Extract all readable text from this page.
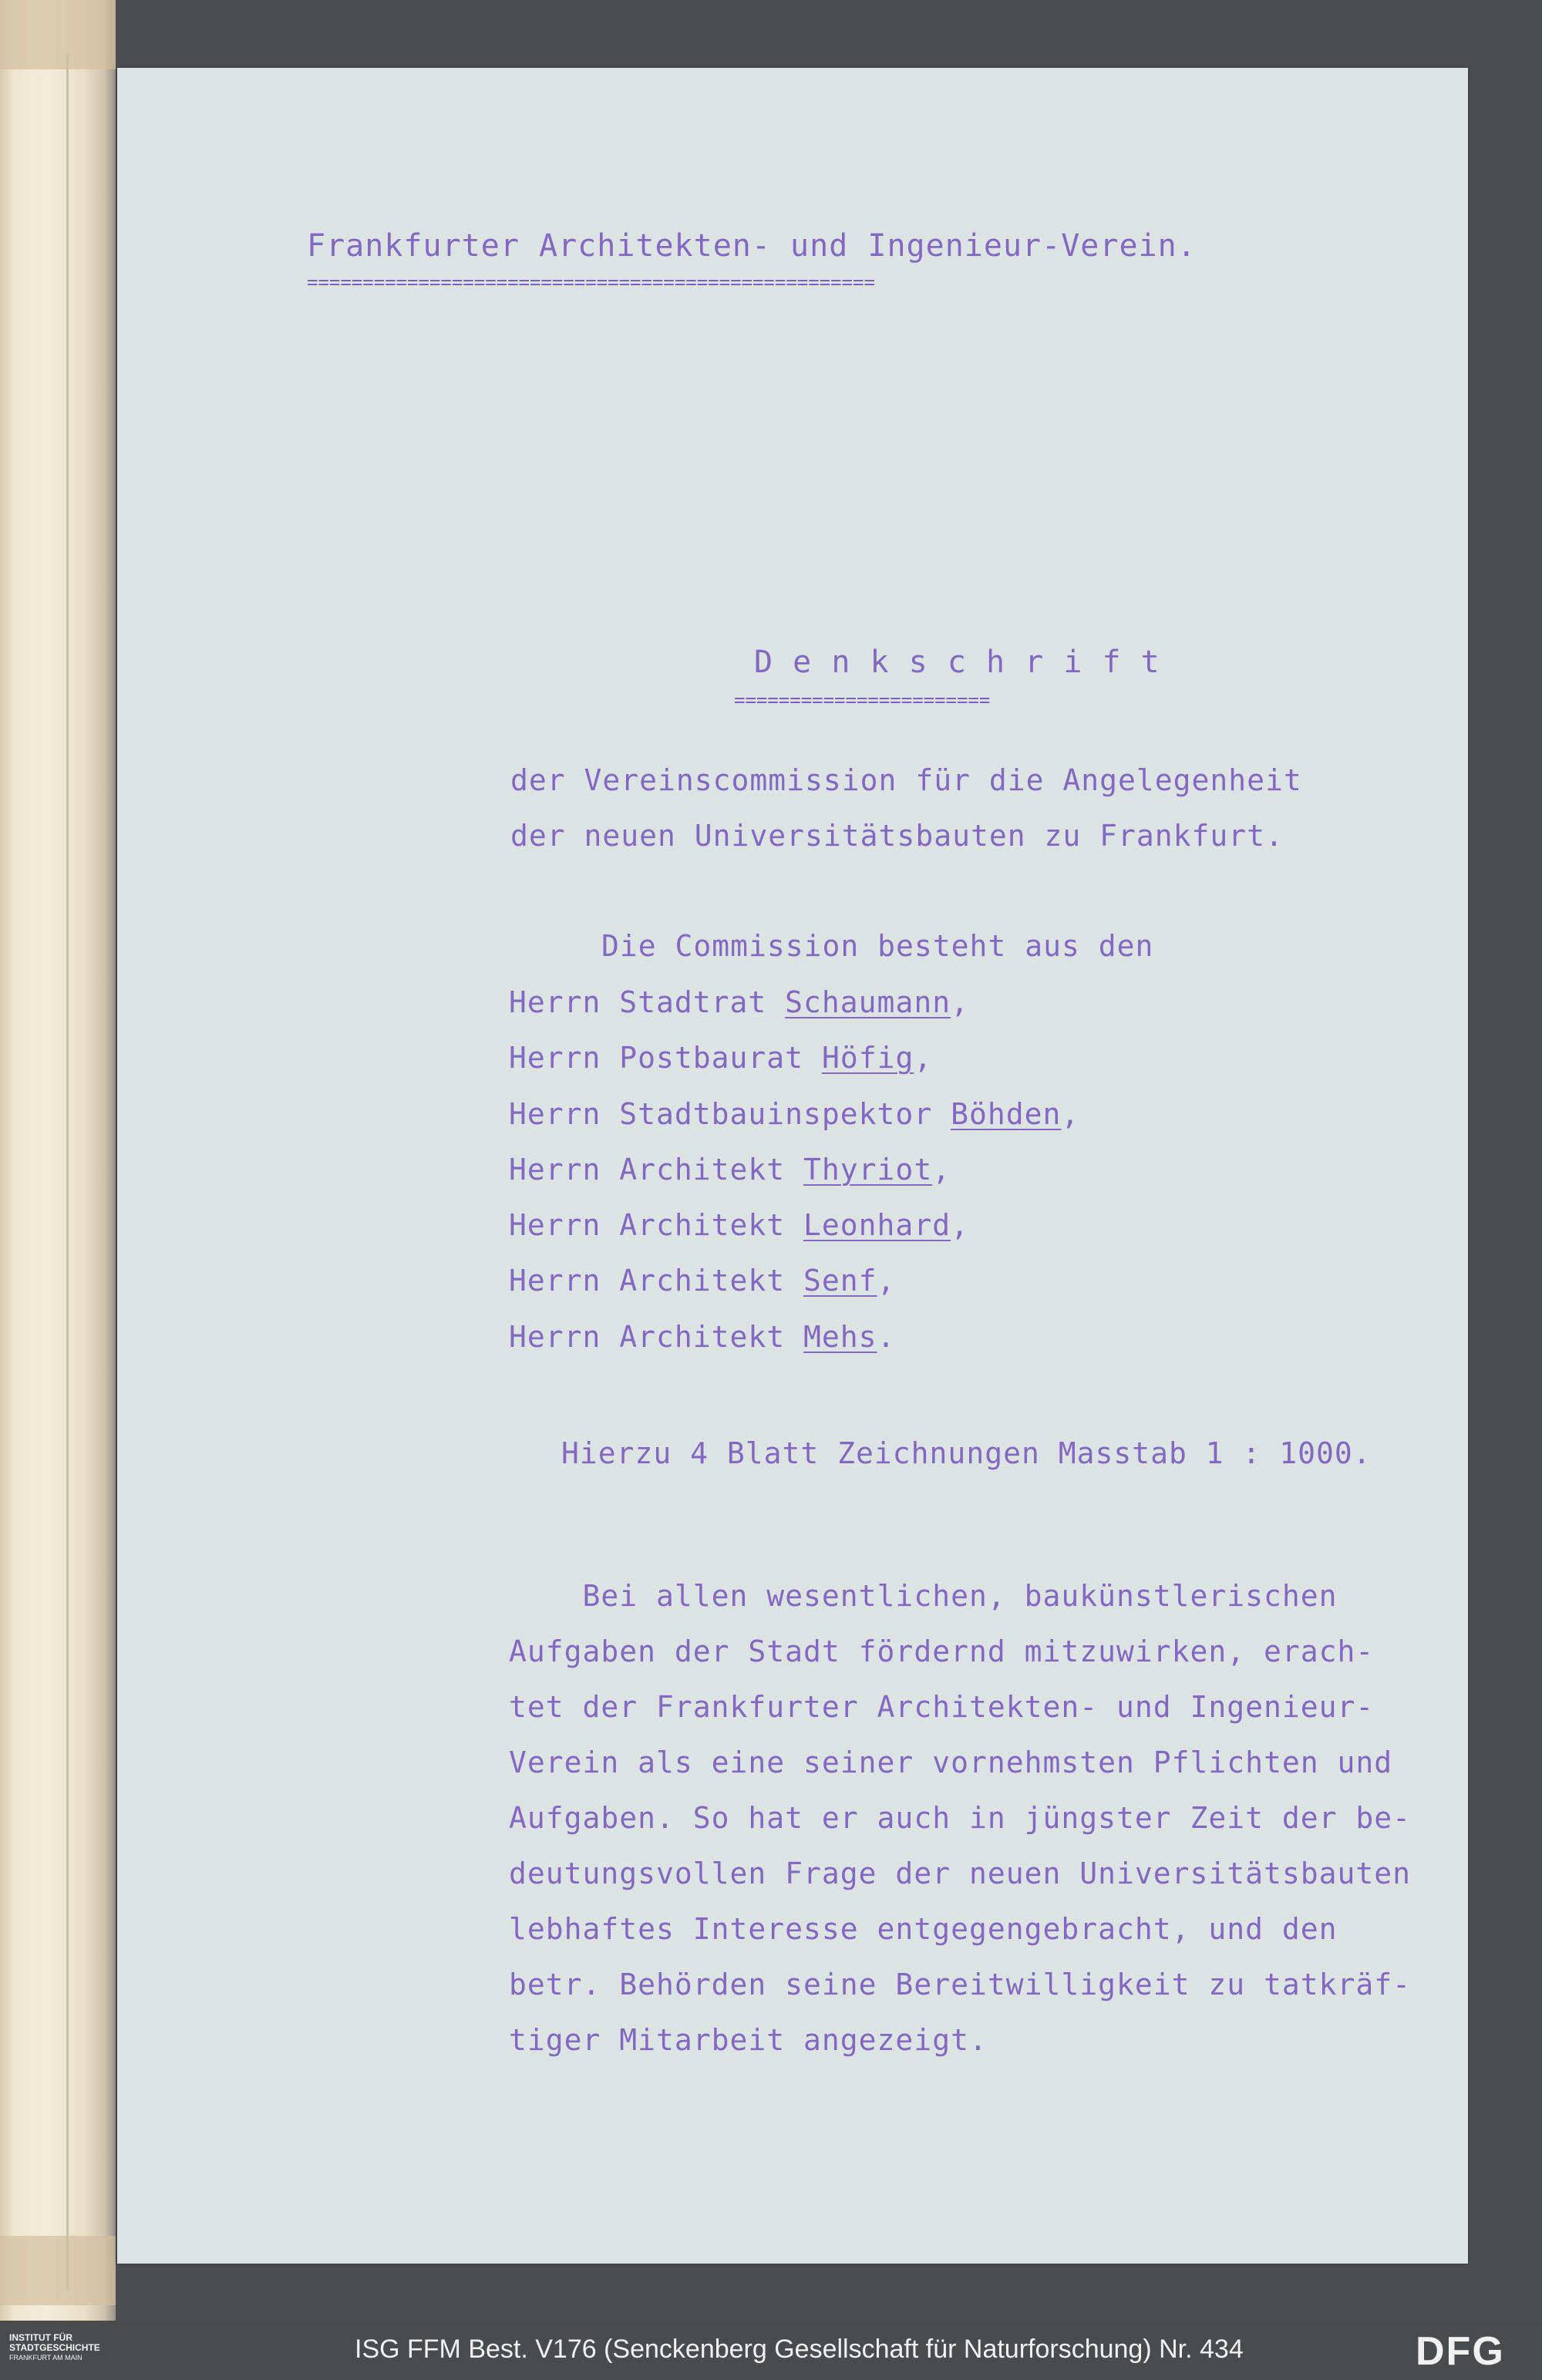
Frankfurter Architekten- und Ingenieur-Verein.
===================================================
D e n k s c h r i f t
=======================
der Vereinscommission für die Angelegenheit
der neuen Universitätsbauten zu Frankfurt.
Die Commission besteht aus den
Herrn Stadtrat Schaumann,
Herrn Postbaurat Höfig,
Herrn Stadtbauinspektor Böhden,
Herrn Architekt Thyriot,
Herrn Architekt Leonhard,
Herrn Architekt Senf,
Herrn Architekt Mehs.
Hierzu 4 Blatt Zeichnungen Masstab 1 : 1000.
Bei allen wesentlichen, baukünstlerischen
Aufgaben der Stadt fördernd mitzuwirken, erach-
tet der Frankfurter Architekten- und Ingenieur-
Verein als eine seiner vornehmsten Pflichten und
Aufgaben. So hat er auch in jüngster Zeit der be-
deutungsvollen Frage der neuen Universitätsbauten
lebhaftes Interesse entgegengebracht, und den
betr. Behörden seine Bereitwilligkeit zu tatkräf-
tiger Mitarbeit angezeigt.
INSTITUT FÜR
STADTGESCHICHTE
FRANKFURT AM MAIN	ISG FFM Best. V176 (Senckenberg Gesellschaft für Naturforschung) Nr. 434	DFG
